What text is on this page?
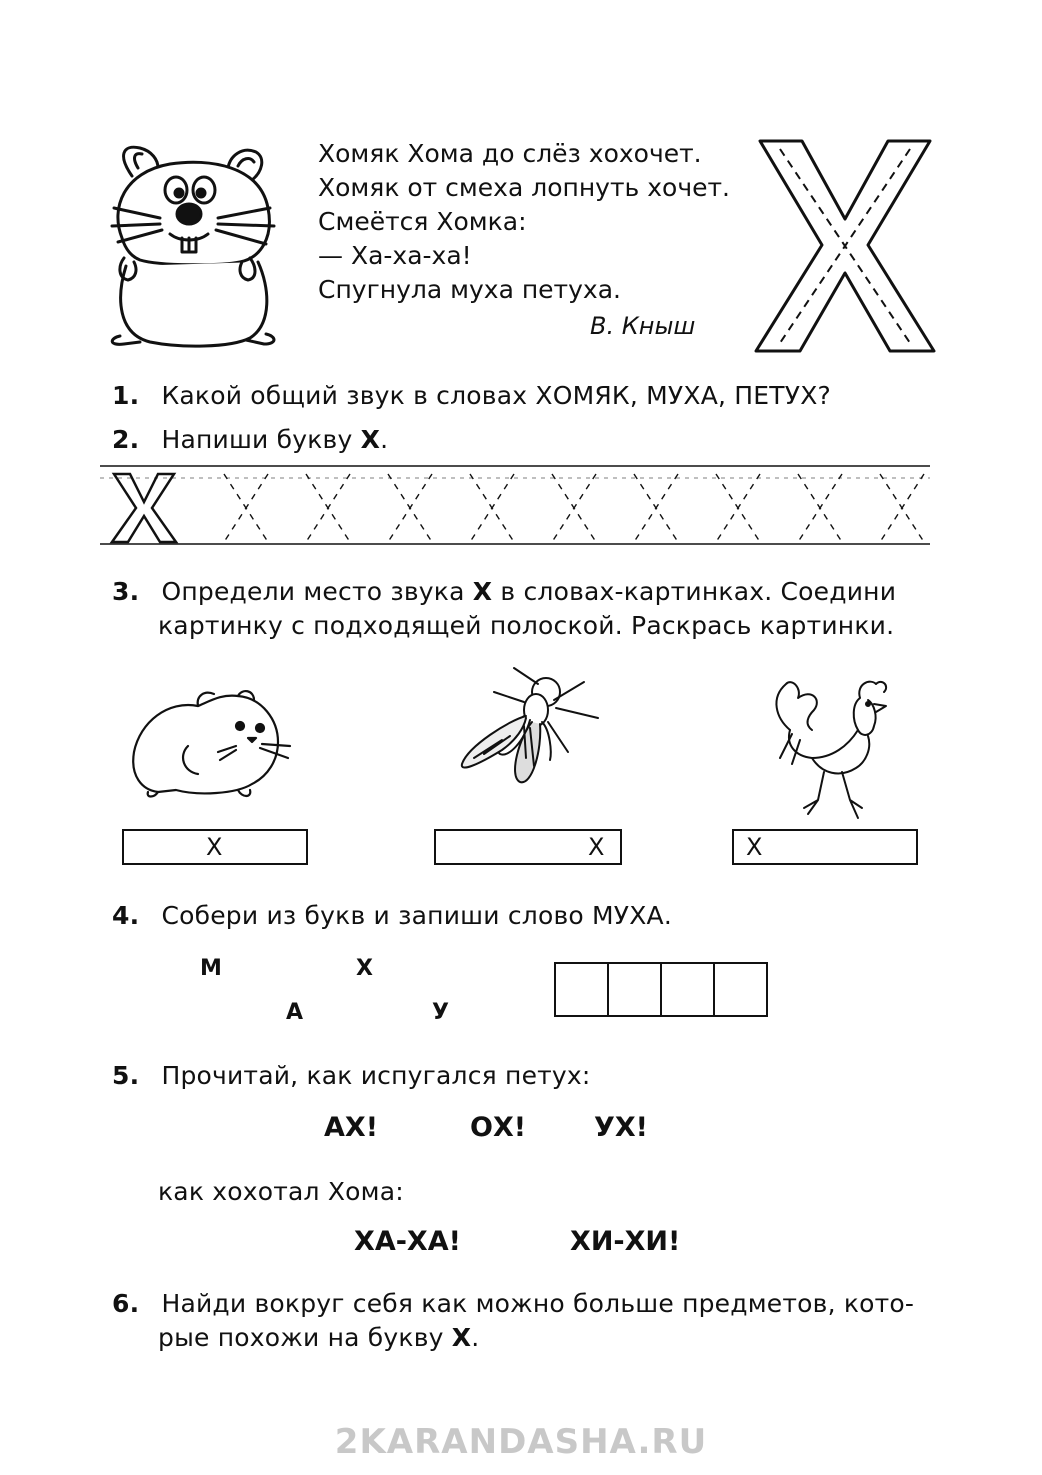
Хомяк Хома до слёз хохочет.
Хомяк от смеха лопнуть хочет.
Смеётся Хомка:
— Ха-ха-ха!
Спугнула муха петуха.
В. Кныш
1. Какой общий звук в словах ХОМЯК, МУХА, ПЕТУХ?
2. Напиши букву Х.
3. Определи место звука Х в словах-картинках. Соедини
картинку с подходящей полоской. Раскрась картинки.
Х	Х	Х
4. Собери из букв и запиши слово МУХА.
М	Х
А	У
5. Прочитай, как испугался петух:
АХ!	ОХ!	УХ!
как хохотал Хома:
ХА-ХА!	ХИ-ХИ!
6. Найди вокруг себя как можно больше предметов, кото-
рые похожи на букву Х.
2KARANDASHA.RU
